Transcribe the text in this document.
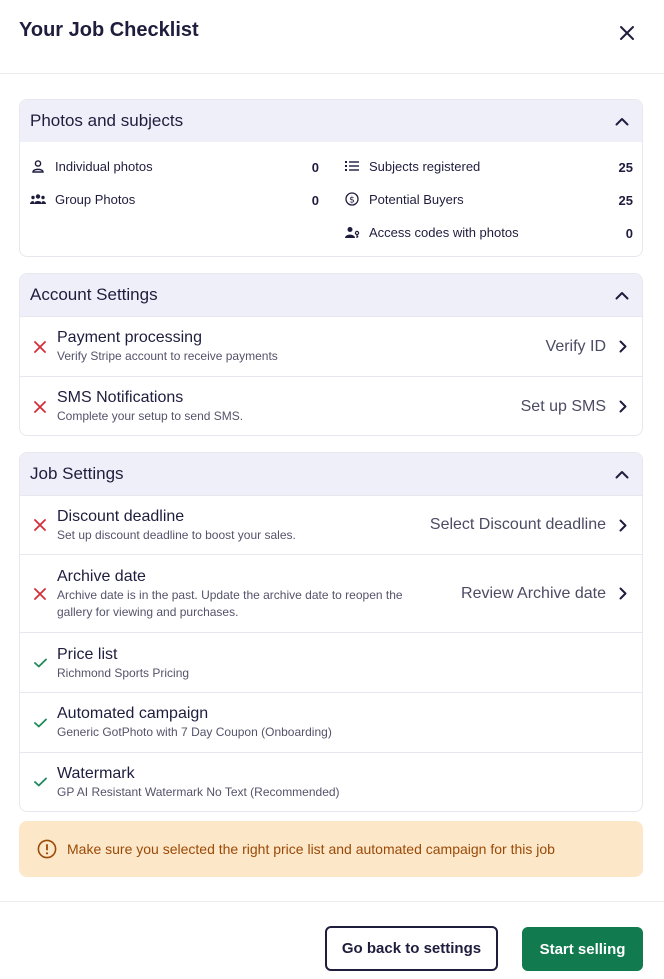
Your Job Checklist
Photos and subjects
Individual photos	0
Group Photos	0
Subjects registered	25
$ Potential Buyers	25
Access codes with photos	0
Account Settings
Payment processing
Verify Stripe account to receive payments
Verify ID
SMS Notifications
Complete your setup to send SMS.
Set up SMS
Job Settings
Discount deadline
Set up discount deadline to boost your sales.
Select Discount deadline
Archive date
Archive date is in the past. Update the archive date to reopen the
gallery for viewing and purchases.
Review Archive date
Price list
Richmond Sports Pricing
Automated campaign
Generic GotPhoto with 7 Day Coupon (Onboarding)
Watermark
GP AI Resistant Watermark No Text (Recommended)
Make sure you selected the right price list and automated campaign for this job
Go back to settings	Start selling
